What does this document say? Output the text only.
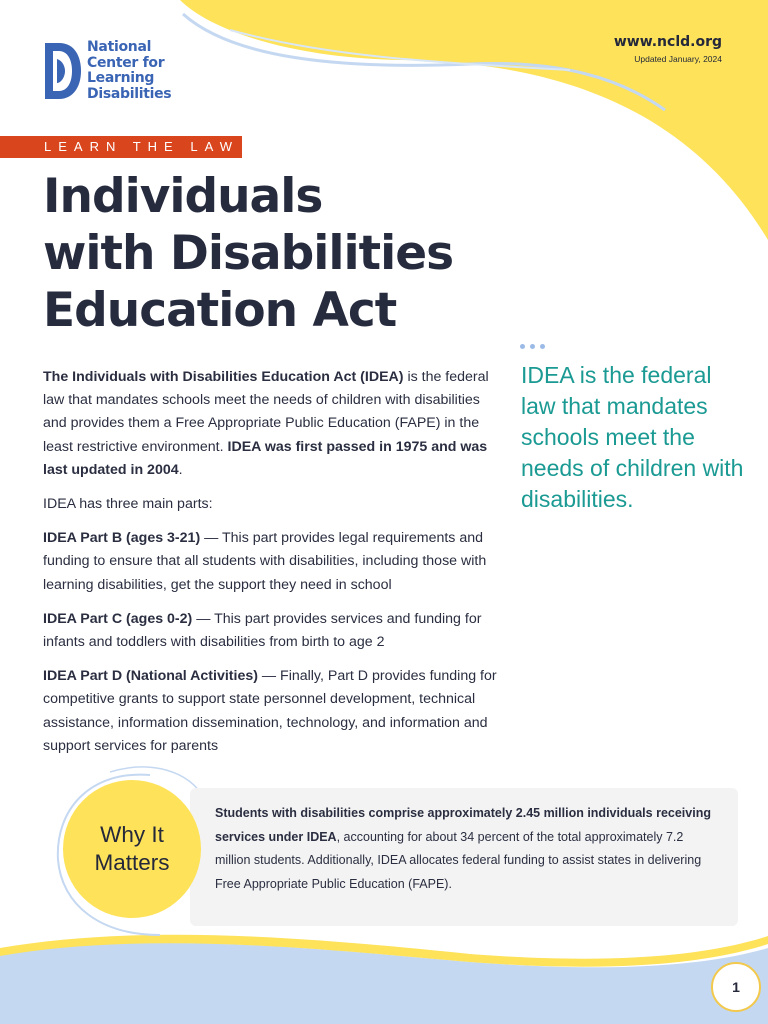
National
Center for
Learning
Disabilities
www.ncld.org
Updated January, 2024
LEARN THE LAW
Individuals
with Disabilities
Education Act

The Individuals with Disabilities Education Act (IDEA) is the federal law that mandates schools meet the needs of children with disabilities and provides them a Free Appropriate Public Education (FAPE) in the least restrictive environment. IDEA was first passed in 1975 and was last updated in 2004.

IDEA has three main parts:

IDEA Part B (ages 3-21) — This part provides legal requirements and funding to ensure that all students with disabilities, including those with learning disabilities, get the support they need in school

IDEA Part C (ages 0-2) — This part provides services and funding for infants and toddlers with disabilities from birth to age 2

IDEA Part D (National Activities) — Finally, Part D provides funding for competitive grants to support state personnel development, technical assistance, information dissemination, technology, and information and support services for parents

IDEA is the federal law that mandates schools meet the needs of children with disabilities.
Why It
Matters
Students with disabilities comprise approximately 2.45 million individuals receiving services under IDEA, accounting for about 34 percent of the total approximately 7.2 million students. Additionally, IDEA allocates federal funding to assist states in delivering Free Appropriate Public Education (FAPE).
1
